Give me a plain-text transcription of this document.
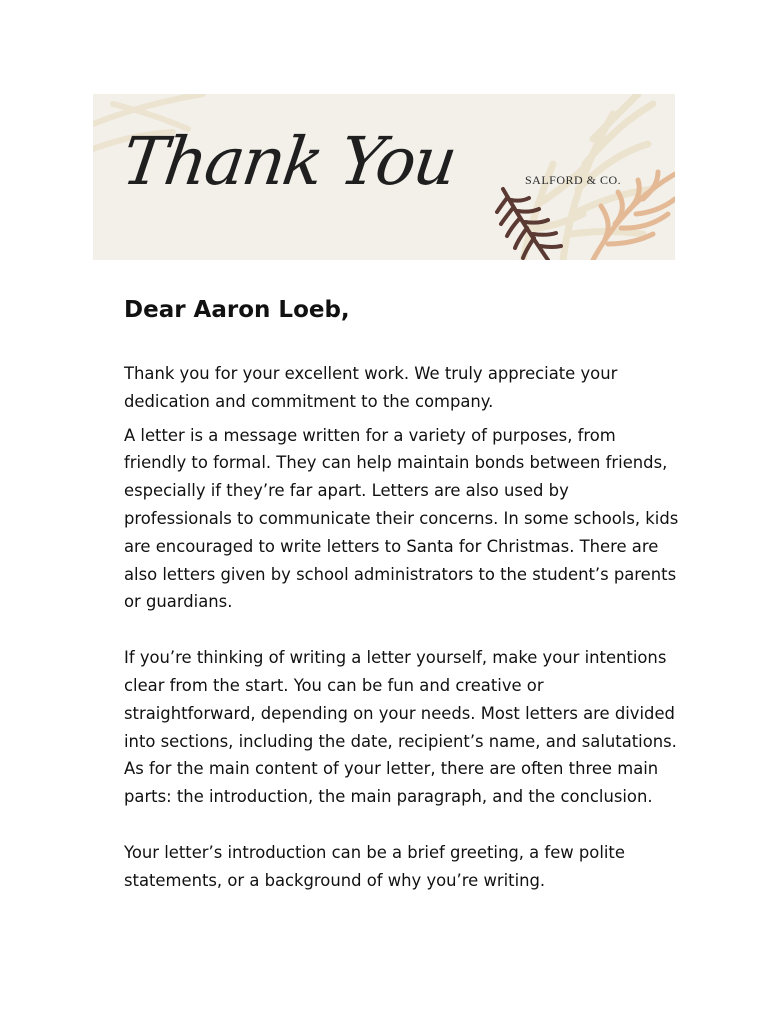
Thank You	SALFORD & CO.
Dear Aaron Loeb,

Thank you for your excellent work. We truly appreciate your dedication and commitment to the company.

A letter is a message written for a variety of purposes, from friendly to formal. They can help maintain bonds between friends, especially if they’re far apart. Letters are also used by professionals to communicate their concerns. In some schools, kids are encouraged to write letters to Santa for Christmas. There are also letters given by school administrators to the student’s parents or guardians.

If you’re thinking of writing a letter yourself, make your intentions clear from the start. You can be fun and creative or straightforward, depending on your needs. Most letters are divided into sections, including the date, recipient’s name, and salutations. As for the main content of your letter, there are often three main parts: the introduction, the main paragraph, and the conclusion.

Your letter’s introduction can be a brief greeting, a few polite statements, or a background of why you’re writing.
